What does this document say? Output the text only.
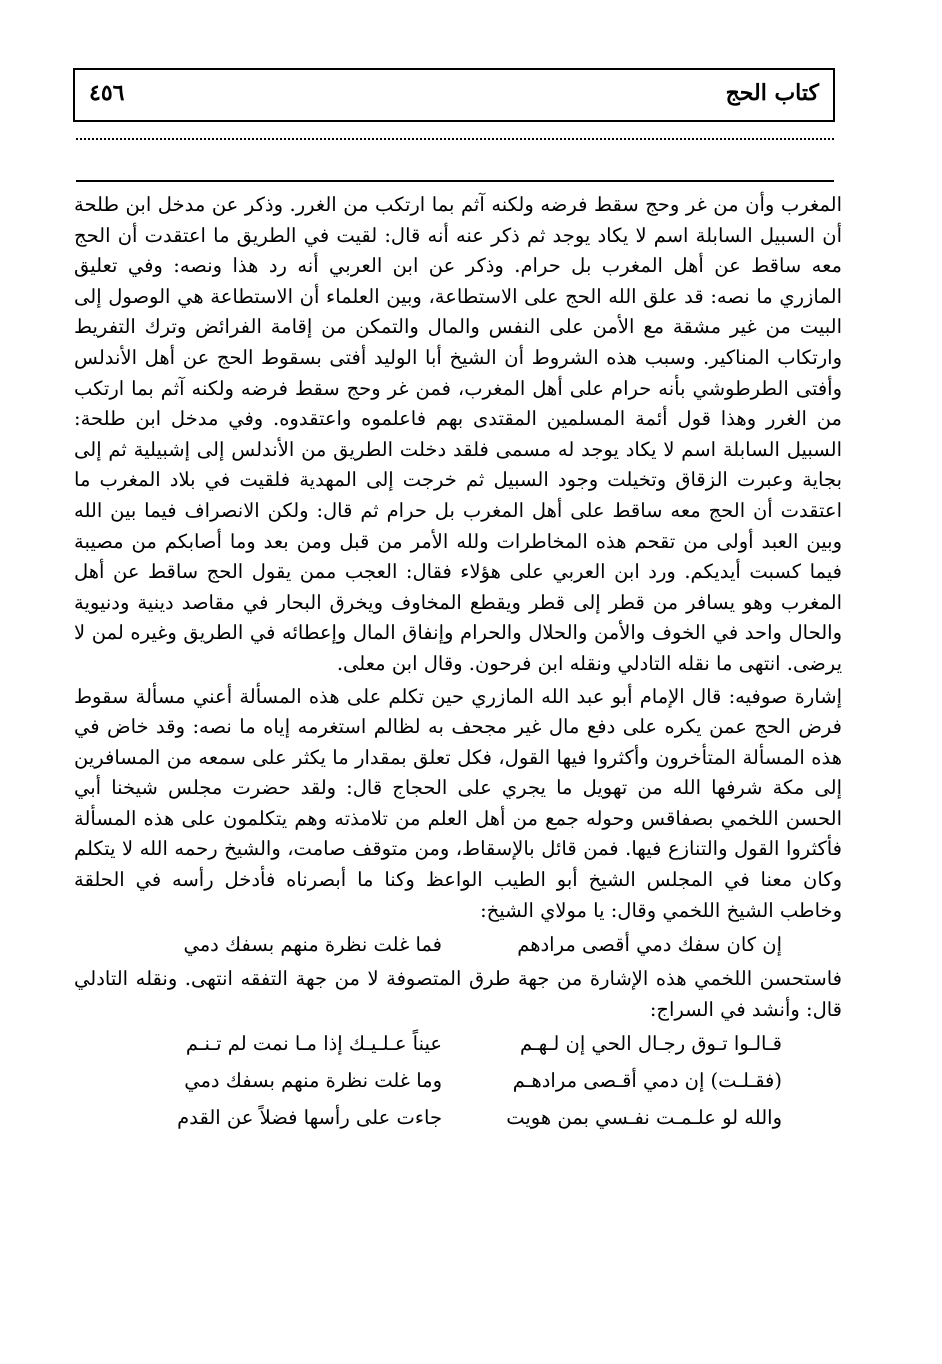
كتاب الحج
٤٥٦

المغرب وأن من غر وحج سقط فرضه ولكنه آثم بما ارتكب من الغرر. وذكر عن مدخل ابن طلحة أن السبيل السابلة اسم لا يكاد يوجد ثم ذكر عنه أنه قال: لقيت في الطريق ما اعتقدت أن الحج معه ساقط عن أهل المغرب بل حرام. وذكر عن ابن العربي أنه رد هذا ونصه: وفي تعليق المازري ما نصه: قد علق الله الحج على الاستطاعة، وبين العلماء أن الاستطاعة هي الوصول إلى البيت من غير مشقة مع الأمن على النفس والمال والتمكن من إقامة الفرائض وترك التفريط وارتكاب المناكير. وسبب هذه الشروط أن الشيخ أبا الوليد أفتى بسقوط الحج عن أهل الأندلس وأفتى الطرطوشي بأنه حرام على أهل المغرب، فمن غر وحج سقط فرضه ولكنه آثم بما ارتكب من الغرر وهذا قول أئمة المسلمين المقتدى بهم فاعلموه واعتقدوه. وفي مدخل ابن طلحة: السبيل السابلة اسم لا يكاد يوجد له مسمى فلقد دخلت الطريق من الأندلس إلى إشبيلية ثم إلى بجاية وعبرت الزقاق وتخيلت وجود السبيل ثم خرجت إلى المهدية فلقيت في بلاد المغرب ما اعتقدت أن الحج معه ساقط على أهل المغرب بل حرام ثم قال: ولكن الانصراف فيما بين الله وبين العبد أولى من تقحم هذه المخاطرات ولله الأمر من قبل ومن بعد وما أصابكم من مصيبة فيما كسبت أيديكم. ورد ابن العربي على هؤلاء فقال: العجب ممن يقول الحج ساقط عن أهل المغرب وهو يسافر من قطر إلى قطر ويقطع المخاوف ويخرق البحار في مقاصد دينية ودنيوية والحال واحد في الخوف والأمن والحلال والحرام وإنفاق المال وإعطائه في الطريق وغيره لمن لا يرضى. انتهى ما نقله التادلي ونقله ابن فرحون. وقال ابن معلى.

إشارة صوفيه: قال الإمام أبو عبد الله المازري حين تكلم على هذه المسألة أعني مسألة سقوط فرض الحج عمن يكره على دفع مال غير مجحف به لظالم استغرمه إياه ما نصه: وقد خاض في هذه المسألة المتأخرون وأكثروا فيها القول، فكل تعلق بمقدار ما يكثر على سمعه من المسافرين إلى مكة شرفها الله من تهويل ما يجري على الحجاج قال: ولقد حضرت مجلس شيخنا أبي الحسن اللخمي بصفاقس وحوله جمع من أهل العلم من تلامذته وهم يتكلمون على هذه المسألة فأكثروا القول والتنازع فيها. فمن قائل بالإسقاط، ومن متوقف صامت، والشيخ رحمه الله لا يتكلم وكان معنا في المجلس الشيخ أبو الطيب الواعظ وكنا ما أبصرناه فأدخل رأسه في الحلقة وخاطب الشيخ اللخمي وقال: يا مولاي الشيخ:

إن كان سفك دمي أقصى مرادهم
فما غلت نظرة منهم بسفك دمي

فاستحسن اللخمي هذه الإشارة من جهة طرق المتصوفة لا من جهة التفقه انتهى. ونقله التادلي قال: وأنشد في السراج:

قـالـوا تـوق رجـال الحي إن لـهـم
عيناً عـلـيـك إذا مـا نمت لم تـنـم
(فقـلـت) إن دمي أقـصى مرادهـم
وما غلت نظرة منهم بسفك دمي
والله لو علـمـت نفـسي بمن هويت
جاءت على رأسها فضلاً عن القدم
